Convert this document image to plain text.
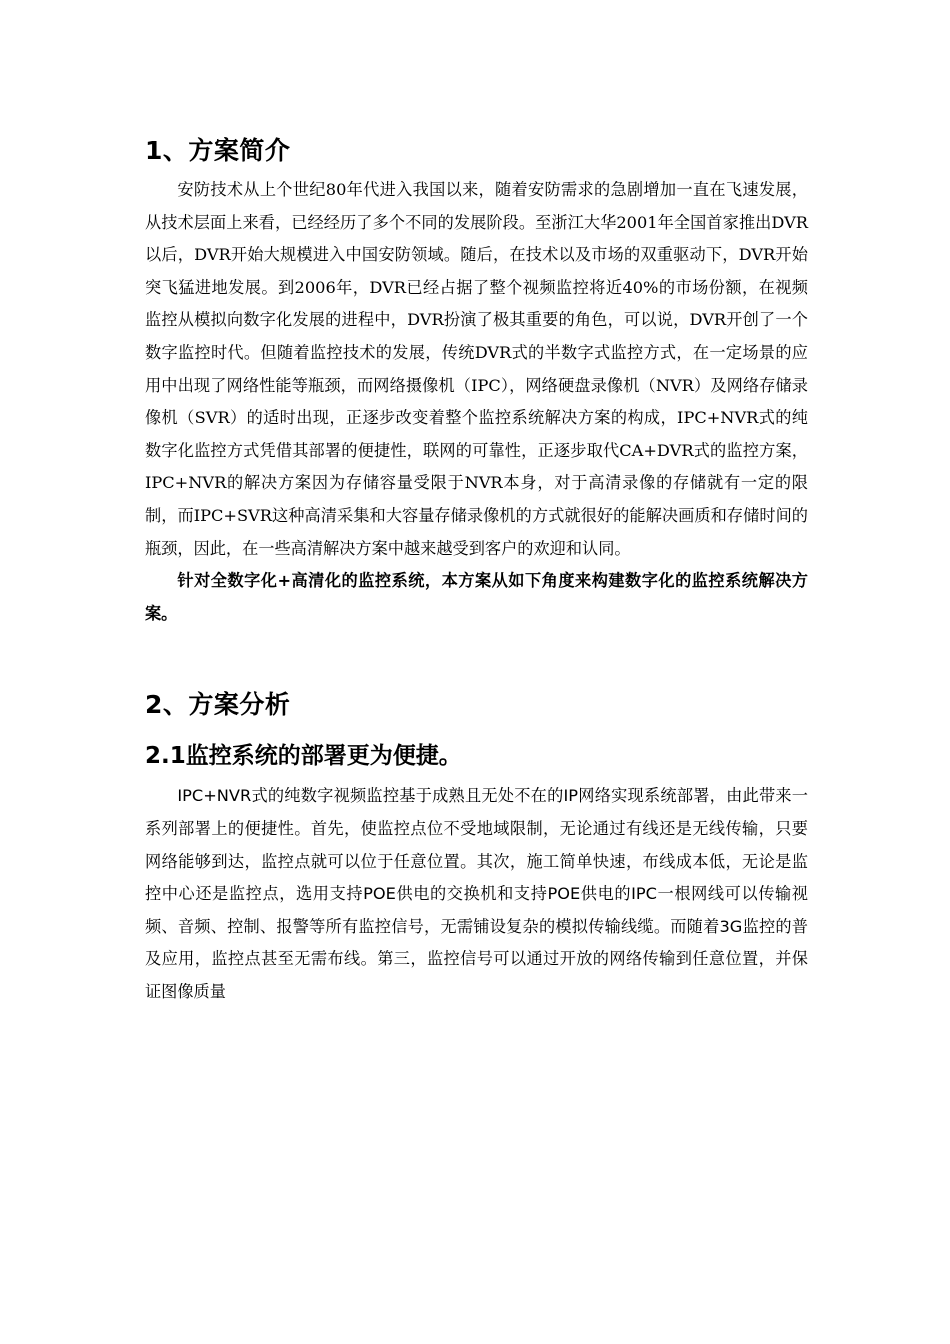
1、方案简介

安防技术从上个世纪80年代进入我国以来，随着安防需求的急剧增加一直在飞速发展，从技术层面上来看，已经经历了多个不同的发展阶段。至浙江大华2001年全国首家推出DVR以后，DVR开始大规模进入中国安防领域。随后，在技术以及市场的双重驱动下，DVR开始突飞猛进地发展。到2006年，DVR已经占据了整个视频监控将近40%的市场份额，在视频监控从模拟向数字化发展的进程中，DVR扮演了极其重要的角色，可以说，DVR开创了一个数字监控时代。但随着监控技术的发展，传统DVR式的半数字式监控方式，在一定场景的应用中出现了网络性能等瓶颈，而网络摄像机（IPC），网络硬盘录像机（NVR）及网络存储录像机（SVR）的适时出现，正逐步改变着整个监控系统解决方案的构成，IPC+NVR式的纯数字化监控方式凭借其部署的便捷性，联网的可靠性，正逐步取代CA+DVR式的监控方案，IPC+NVR的解决方案因为存储容量受限于NVR本身，对于高清录像的存储就有一定的限制，而IPC+SVR这种高清采集和大容量存储录像机的方式就很好的能解决画质和存储时间的瓶颈，因此，在一些高清解决方案中越来越受到客户的欢迎和认同。

针对全数字化+高清化的监控系统，本方案从如下角度来构建数字化的监控系统解决方案。

2、方案分析
2.1监控系统的部署更为便捷。

IPC+NVR式的纯数字视频监控基于成熟且无处不在的IP网络实现系统部署，由此带来一系列部署上的便捷性。首先，使监控点位不受地域限制，无论通过有线还是无线传输，只要网络能够到达，监控点就可以位于任意位置。其次，施工简单快速，布线成本低，无论是监控中心还是监控点，选用支持POE供电的交换机和支持POE供电的IPC一根网线可以传输视频、音频、控制、报警等所有监控信号，无需铺设复杂的模拟传输线缆。而随着3G监控的普及应用，监控点甚至无需布线。第三，监控信号可以通过开放的网络传输到任意位置，并保证图像质量
